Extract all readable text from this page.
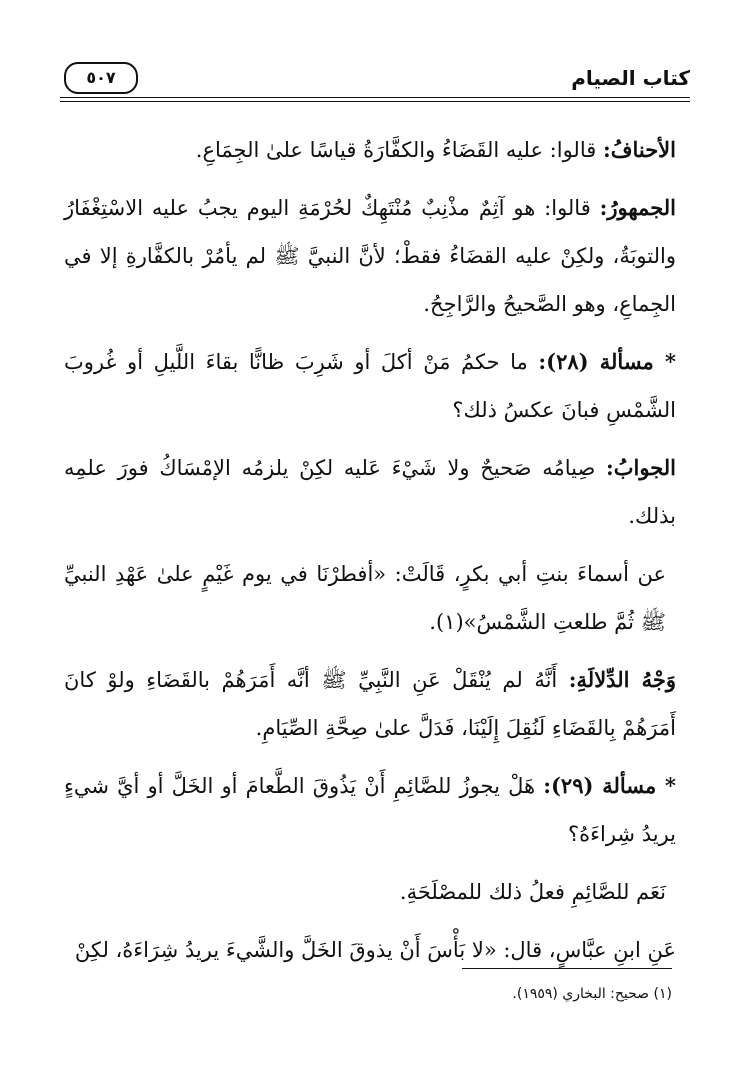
كتاب الصيام
٥٠٧

الأحنافُ: قالوا: عليه القَضَاءُ والكفَّارَةُ قياسًا علىٰ الجِمَاعِ.

الجمهورُ: قالوا: هو آثِمٌ مذْنِبٌ مُنْتَهِكٌ لحُرْمَةِ اليوم يجبُ عليه الاسْتِغْفَارُ والتوبَةُ، ولكِنْ عليه القضَاءُ فقطْ؛ لأنَّ النبيَّ ﷺ لم يأمُرْ بالكفَّارةِ إلا في الجِماعِ، وهو الصَّحيحُ والرَّاجِحُ.

* مسألة (٢٨): ما حكمُ مَنْ أكلَ أو شَرِبَ ظانًّا بقاءَ اللَّيلِ أو غُروبَ الشَّمْسِ فبانَ عكسُ ذلك؟

الجوابُ: صِيامُه صَحيحٌ ولا شَيْءَ عَليه لكِنْ يلزمُه الإمْسَاكُ فورَ علمِه بذلك.

عن أسماءَ بنتِ أبي بكرٍ، قَالَتْ: «أفطرْنَا في يوم غَيْمٍ علىٰ عَهْدِ النبيِّ ﷺ ثُمَّ طلعتِ الشَّمْسُ»(١).

وَجْهُ الدِّلالَةِ: أَنَّهُ لم يُنْقَلْ عَنِ النَّبِيِّ ﷺ أنَّه أَمَرَهُمْ بالقَضَاءِ ولوْ كانَ أَمَرَهُمْ بِالقَضَاءِ لَنُقِلَ إِلَيْنَا، فَدَلَّ علىٰ صِحَّةِ الصِّيَامِ.

* مسألة (٢٩): هَلْ يجوزُ للصَّائِمِ أَنْ يَذُوقَ الطَّعامَ أو الخَلَّ أو أيَّ شيءٍ يريدُ شِراءَهُ؟

نَعَم للصَّائِمِ فعلُ ذلك للمصْلَحَةِ.

عَنِ ابنِ عبَّاسٍ، قال: «لا بَأْسَ أَنْ يذوقَ الخَلَّ والشَّيءَ يريدُ شِرَاءَهُ، لكِنْ

(١) صحيح: البخاري (١٩٥٩).
